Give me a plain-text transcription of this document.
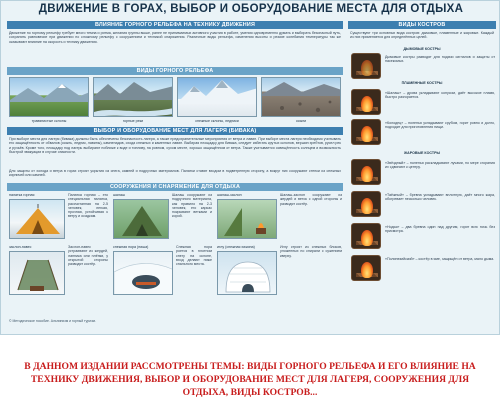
ДВИЖЕНИЕ В ГОРАХ, ВЫБОР И ОБОРУДОВАНИЕ МЕСТА ДЛЯ ОТДЫХА
ВЛИЯНИЕ ГОРНОГО РЕЛЬЕФА НА ТЕХНИКУ ДВИЖЕНИЯ
Движение по горному рельефу требует много темпа и ритма, желания группы выше, ранее не принимаемых активного участия в работе, умения одновременно думать и выбирать безопасный путь, сохранять равновесие при движении по сложному рельефу с сооружением и техникой снаряжения. Различные виды рельефа, изменения высоты и резкие колебания температуры так же оказывают влияние на скорость и технику движения.
ВИДЫ ГОРНОГО РЕЛЬЕФА
травянистые склоны	горные реки	снежные склоны, ледники	осыпи
ВЫБОР И ОБОРУДОВАНИЕ МЕСТ ДЛЯ ЛАГЕРЯ (БИВАКА)
При выборе места для лагеря (бивака) должны быть обеспечены безопасность лагеря, а также предохранительные мероприятия от ветра и лавин. При выборе места лагеря необходимо учитывать его защищённость от обвалов (осыпь, ледник, лавины), камнепадов, схода снежных и каменных лавин. Выбирая площадку для бивака, следует избегать крутых склонов, вершин хребтов, русел рек и ручьёв. Кроме того, площадку под лагерь выбирают поближе к воде и топливу, на ровном, сухом месте, хорошо защищённом от ветра. Также учитывается освещённость солнцем и возможность быстрой эвакуации в случае опасности.
Для защиты от холода и ветра в горах строят укрытия из снега, камней и подручных материалов. Палатки ставят входом в подветренную сторону, а вокруг них сооружают стенки из снежных кирпичей или камней.
СООРУЖЕНИЯ И СНАРЯЖЕНИЕ ДЛЯ ОТДЫХА
палатка горная	Палатка горная – это специальная палатка, рассчитанная на 2-5 человек, легкая, прочная, устойчивая к ветру и осадкам.
шалаш	Шалаш сооружают из подручного материала, как правило на 2-3 человек, его каркас покрывают ветками и корой.
шалаш-заслон	Шалаш-заслон сооружают из жердей и веток с одной стороны и разводят костёр.
заслон-навес	Заслон-навес устраивают из жердей, лапника или плёнки, у открытой стороны разводят костёр.
снежная нора (ниша)	Снежная нора роется в плотном снегу на склоне, вход делают ниже спального места.
иглу (снежная хижина)	Иглу строят из снежных блоков, уложенных по спирали с сужением кверху.
© Методическое пособие. Альпинизм и горный туризм.
ВИДЫ КОСТРОВ
Существуют три основных вида костров: дымовые, пламенные и жаровые. Каждый из них применяется для определённых целей.
ДЫМОВЫЕ КОСТРЫ
Дымовые костры разводят для подачи сигналов и защиты от насекомых.
ПЛАМЕННЫЕ КОСТРЫ
«Шалаш» – дрова укладывают конусом, даёт высокое пламя, быстро разгорается.
«Колодец» – поленья укладывают срубом, горит ровно и долго, подходит для приготовления пищи.
ЖАРОВЫЕ КОСТРЫ
«Звёздный» – поленья раскладывают лучами, по мере сгорания их сдвигают к центру.
«Таёжный» – бревна укладывают вплотную, даёт много жара, обогревает несколько человек.
«Нодья» – два бревна один над другим, горит всю ночь без присмотра.
«Полинезийский» – костёр в яме, защищён от ветра, мало дыма.
В ДАННОМ ИЗДАНИИ РАССМОТРЕНЫ ТЕМЫ: ВИДЫ ГОРНОГО РЕЛЬЕФА И ЕГО ВЛИЯНИЕ НА ТЕХНИКУ ДВИЖЕНИЯ, ВЫБОР И ОБОРУДОВАНИЕ МЕСТ ДЛЯ ЛАГЕРЯ, СООРУЖЕНИЯ ДЛЯ ОТДЫХА, ВИДЫ КОСТРОВ...
